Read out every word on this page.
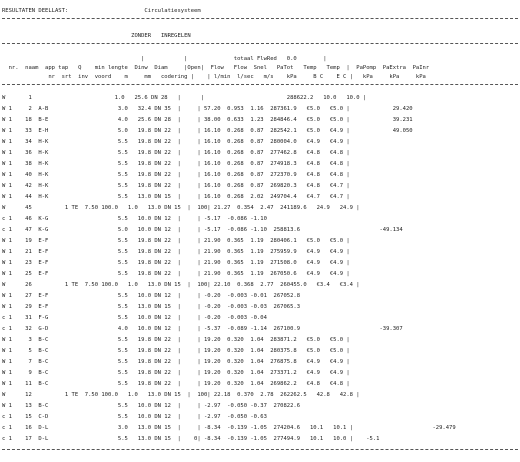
RESULTATEN DEELLAST:                       Circulatiesysteem
ZONDER   INREGELEN
|            |              totaal FlwRed   0.0        |
nr.  naam  app tap   Q    min lengte  Dinw  Diam     |Open|  Flow   Flow  Snel   PaTot   Temp   Temp  |  PaPomp  PaExtra  PaInr
nr  srt  inv  voord    m     mm   codering |    | l/min  l/sec   m/s    kPa     B C    E C |   kPa     kPa     kPa
W       1                         1.0   25.6 DN 28   |      |                         288622.2   10.0   10.0 |
W 1     2  A-B                     3.0   32.4 DN 35  |     | 57.20  0.953  1.16  287361.9   €5.0   €5.0 |             29.420
W 1    18  B-E                     4.0   25.6 DN 28  |     | 38.00  0.633  1.23  284846.4   €5.0   €5.0 |             39.231
W 1    33  E-H                     5.0   19.8 DN 22  |     | 16.10  0.268  0.87  282542.1   €5.0   €4.9 |             49.050
W 1    34  H-K                     5.5   19.8 DN 22  |     | 16.10  0.268  0.87  280004.0   €4.9   €4.9 |
W 1    36  H-K                     5.5   19.8 DN 22  |     | 16.10  0.268  0.87  277462.8   €4.8   €4.8 |
W 1    38  H-K                     5.5   19.8 DN 22  |     | 16.10  0.268  0.87  274918.3   €4.8   €4.8 |
W 1    40  H-K                     5.5   19.8 DN 22  |     | 16.10  0.268  0.87  272370.9   €4.8   €4.8 |
W 1    42  H-K                     5.5   19.8 DN 22  |     | 16.10  0.268  0.87  269820.3   €4.8   €4.7 |
W 1    44  H-K                     5.5   13.0 DN 15  |     | 16.10  0.268  2.02  249704.4   €4.7   €4.7 |
W      45          1 TE  7.50 100.0   1.0   13.0 DN 15  |  100| 21.27  0.354  2.47  241189.6   24.9   24.9 |
c 1    46  K-G                     5.5   10.0 DN 12  |     | -5.17  -0.086 -1.10
c 1    47  K-G                     5.0   10.0 DN 12  |     | -5.17  -0.086 -1.10  258813.6                        -49.134
W 1    19  E-F                     5.5   19.8 DN 22  |     | 21.90  0.365  1.19  280406.1   €5.0   €5.0 |
W 1    21  E-F                     5.5   19.8 DN 22  |     | 21.90  0.365  1.19  275959.9   €4.9   €4.9 |
W 1    23  E-F                     5.5   19.8 DN 22  |     | 21.90  0.365  1.19  271508.0   €4.9   €4.9 |
W 1    25  E-F                     5.5   19.8 DN 22  |     | 21.90  0.365  1.19  267050.6   €4.9   €4.9 |
W      26          1 TE  7.50 100.0   1.0   13.0 DN 15  |  100| 22.10  0.368  2.77  260455.0   €3.4   €3.4 |
W 1    27  E-F                     5.5   10.0 DN 12  |     | -0.20  -0.003 -0.01  267052.8
W 1    29  E-F                     5.5   13.0 DN 15  |     | -0.20  -0.003 -0.03  267065.3
c 1    31  F-G                     5.5   10.0 DN 12  |     | -0.20  -0.003 -0.04
c 1    32  G-D                     4.0   10.0 DN 12  |     | -5.37  -0.089 -1.14  267100.9                        -39.307
W 1     3  B-C                     5.5   19.8 DN 22  |     | 19.20  0.320  1.04  283871.2   €5.0   €5.0 |
W 1     5  B-C                     5.5   19.8 DN 22  |     | 19.20  0.320  1.04  280375.8   €5.0   €5.0 |
W 1     7  B-C                     5.5   19.8 DN 22  |     | 19.20  0.320  1.04  276875.8   €4.9   €4.9 |
W 1     9  B-C                     5.5   19.8 DN 22  |     | 19.20  0.320  1.04  273371.2   €4.9   €4.9 |
W 1    11  B-C                     5.5   19.8 DN 22  |     | 19.20  0.320  1.04  269862.2   €4.8   €4.8 |
W      12          1 TE  7.50 100.0   1.0   13.0 DN 15  |  100| 22.18  0.370  2.78  262262.5   42.8   42.8 |
W 1    13  B-C                     5.5   10.0 DN 12  |     | -2.97  -0.050 -0.37  270822.6
c 1    15  C-D                     5.5   10.0 DN 12  |     | -2.97  -0.050 -0.63
c 1    16  D-L                     3.0   13.0 DN 15  |     | -8.34  -0.139 -1.05  274204.6   10.1   10.1 |                        -29.479
c 1    17  D-L                     5.5   13.0 DN 15  |    0| -8.34  -0.139 -1.05  277494.9   10.1   10.0 |    -5.1
